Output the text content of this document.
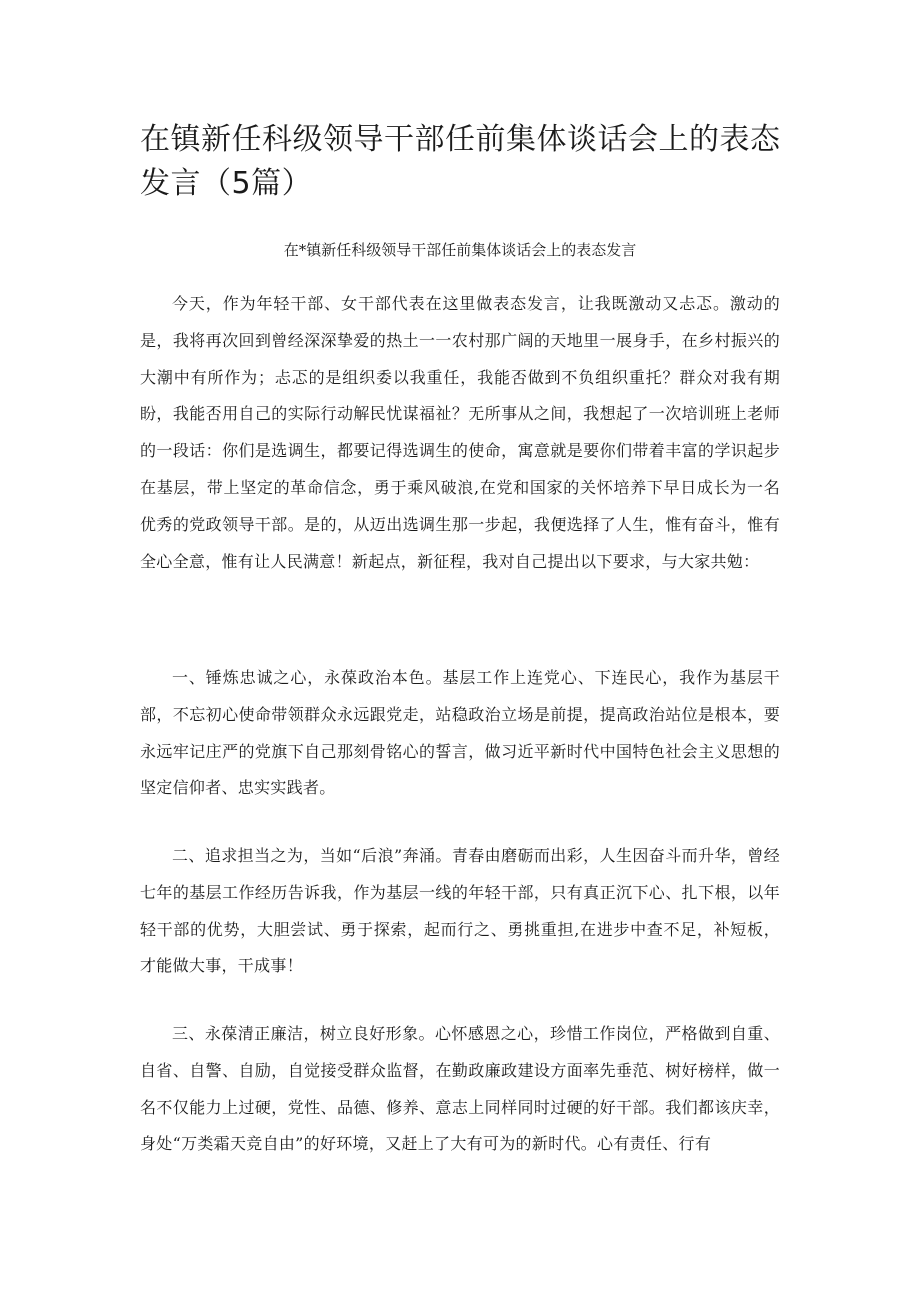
在镇新任科级领导干部任前集体谈话会上的表态发言（5篇）

在*镇新任科级领导干部任前集体谈话会上的表态发言

今天，作为年轻干部、女干部代表在这里做表态发言，让我既激动又忐忑。激动的是，我将再次回到曾经深深挚爱的热土一一农村那广阔的天地里一展身手，在乡村振兴的大潮中有所作为；忐忑的是组织委以我重任，我能否做到不负组织重托？群众对我有期盼，我能否用自己的实际行动解民忧谋福祉？无所事从之间，我想起了一次培训班上老师的一段话：你们是选调生，都要记得选调生的使命，寓意就是要你们带着丰富的学识起步在基层，带上坚定的革命信念，勇于乘风破浪,在党和国家的关怀培养下早日成长为一名优秀的党政领导干部。是的，从迈出选调生那一步起，我便选择了人生，惟有奋斗，惟有全心全意，惟有让人民满意！新起点，新征程，我对自己提出以下要求，与大家共勉：

一、锤炼忠诚之心，永葆政治本色。基层工作上连党心、下连民心，我作为基层干部，不忘初心使命带领群众永远跟党走，站稳政治立场是前提，提高政治站位是根本，要永远牢记庄严的党旗下自己那刻骨铭心的誓言，做习近平新时代中国特色社会主义思想的坚定信仰者、忠实实践者。

二、追求担当之为，当如“后浪”奔涌。青春由磨砺而出彩，人生因奋斗而升华，曾经七年的基层工作经历告诉我，作为基层一线的年轻干部，只有真正沉下心、扎下根，以年轻干部的优势，大胆尝试、勇于探索，起而行之、勇挑重担,在进步中查不足，补短板，才能做大事，干成事！

三、永葆清正廉洁，树立良好形象。心怀感恩之心，珍惜工作岗位，严格做到自重、自省、自警、自励，自觉接受群众监督，在勤政廉政建设方面率先垂范、树好榜样，做一名不仅能力上过硬，党性、品德、修养、意志上同样同时过硬的好干部。我们都该庆幸，身处“万类霜天竞自由”的好环境，又赶上了大有可为的新时代。心有责任、行有
